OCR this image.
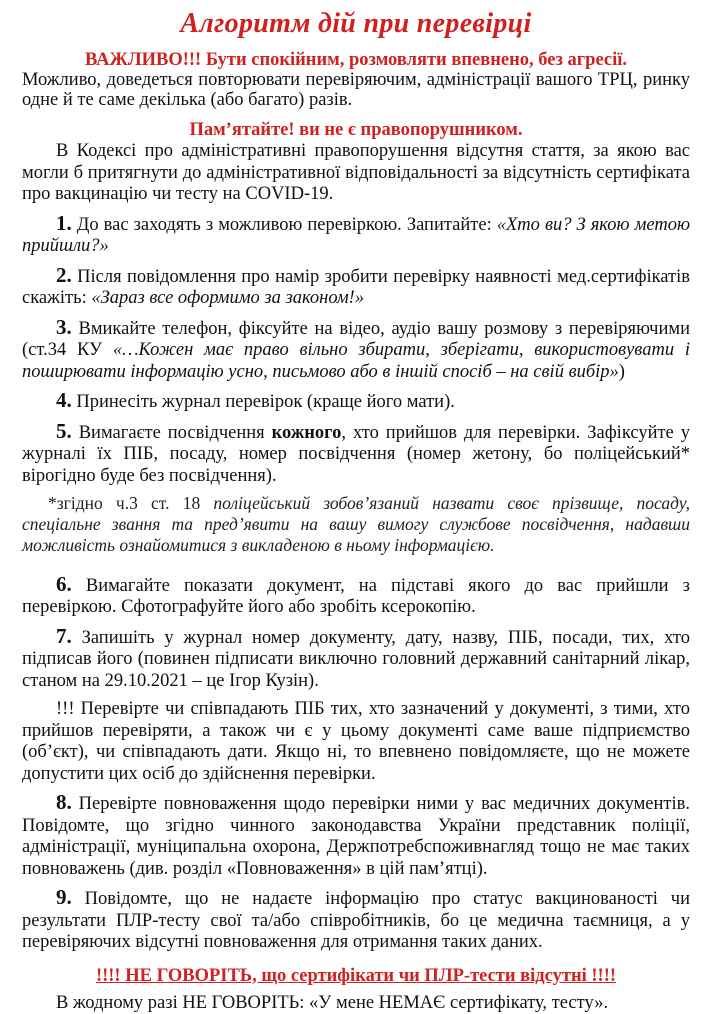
Алгоритм дій при перевірці
ВАЖЛИВО!!! Бути спокійним, розмовляти впевнено, без агресії.
Можливо, доведеться повторювати перевіряючим, адміністрації вашого ТРЦ, ринку одне й те саме декілька (або багато) разів.
Пам’ятайте! ви не є правопорушником.

В Кодексі про адміністративні правопорушення відсутня стаття, за якою вас могли б притягнути до адміністративної відповідальності за відсутність сертифіката про вакцинацію чи тесту на COVID-19.

1. До вас заходять з можливою перевіркою. Запитайте: «Хто ви? З якою метою прийшли?»

2. Після повідомлення про намір зробити перевірку наявності мед.сертифікатів скажіть: «Зараз все оформимо за законом!»

3. Вмикайте телефон, фіксуйте на відео, аудіо вашу розмову з перевіряючими (ст.34 КУ «…Кожен має право вільно збирати, зберігати, використовувати і поширювати інформацію усно, письмово або в іншій спосіб – на свій вибір»)

4. Принесіть журнал перевірок (краще його мати).

5. Вимагаєте посвідчення кожного, хто прийшов для перевірки. Зафіксуйте у журналі їх ПІБ, посаду, номер посвідчення (номер жетону, бо поліцейський* вірогідно буде без посвідчення).

*згідно ч.3 ст. 18 поліцейський зобов’язаний назвати своє прізвище, посаду, спеціальне звання та пред’явити на вашу вимогу службове посвідчення, надавши можливість ознайомитися з викладеною в ньому інформацією.

6. Вимагайте показати документ, на підставі якого до вас прийшли з перевіркою. Сфотографуйте його або зробіть ксерокопію.

7. Запишіть у журнал номер документу, дату, назву, ПІБ, посади, тих, хто підписав його (повинен підписати виключно головний державний санітарний лікар, станом на 29.10.2021 – це Ігор Кузін).

!!! Перевірте чи співпадають ПІБ тих, хто зазначений у документі, з тими, хто прийшов перевіряти, а також чи є у цьому документі саме ваше підприємство (об’єкт), чи співпадають дати. Якщо ні, то впевнено повідомляєте, що не можете допустити цих осіб до здійснення перевірки.

8. Перевірте повноваження щодо перевірки ними у вас медичних документів. Повідомте, що згідно чинного законодавства України представник поліції, адміністрації, муніципальна охорона, Держпотребспоживнагляд тощо не має таких повноважень (див. розділ «Повноваження» в цій пам’ятці).

9. Повідомте, що не надаєте інформацію про статус вакцинованості чи результати ПЛР-тесту свої та/або співробітників, бо це медична таємниця, а у перевіряючих відсутні повноваження для отримання таких даних.

!!!! НЕ ГОВОРІТЬ, що сертифікати чи ПЛР-тести відсутні !!!!

В жодному разі НЕ ГОВОРІТЬ: «У мене НЕМАЄ сертифікату, тесту».
